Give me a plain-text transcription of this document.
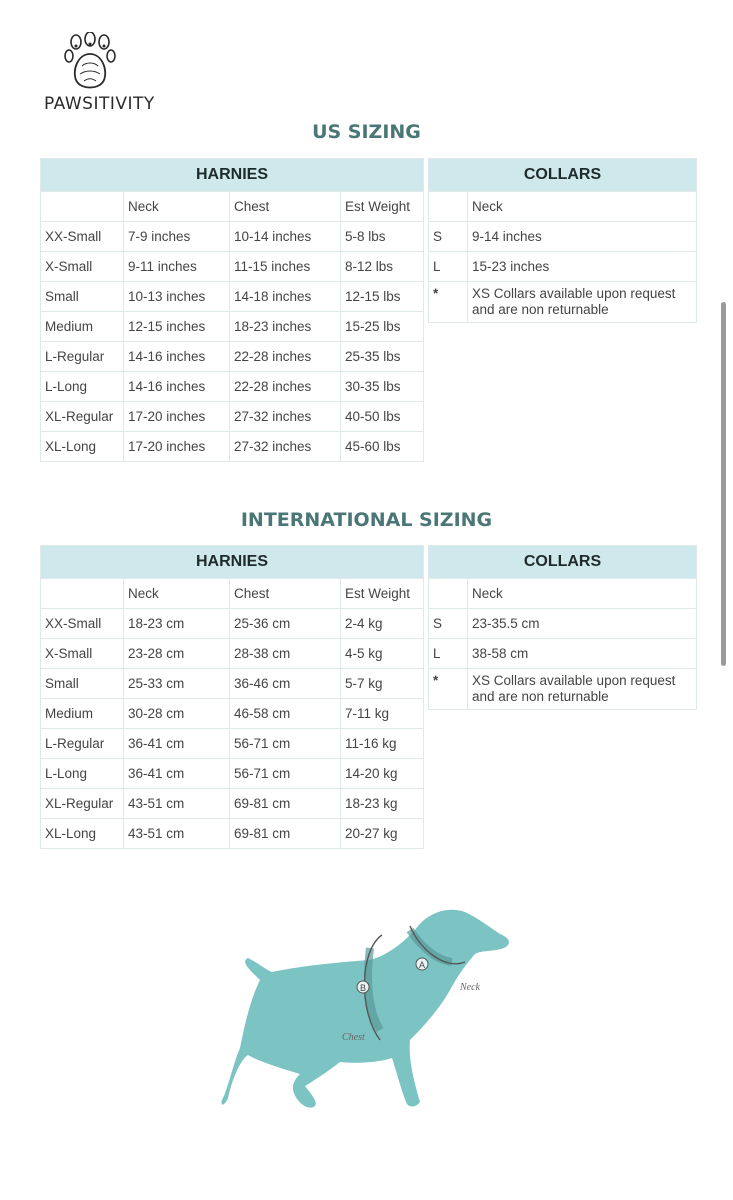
PAWSITIVITY
US SIZING
HARNIES			
	Neck	Chest	Est Weight
XX-Small	7-9 inches	10-14 inches	5-8 lbs
X-Small	9-11 inches	11-15 inches	8-12 lbs
Small	10-13 inches	14-18 inches	12-15 lbs
Medium	12-15 inches	18-23 inches	15-25 lbs
L-Regular	14-16 inches	22-28 inches	25-35 lbs
L-Long	14-16 inches	22-28 inches	30-35 lbs
XL-Regular	17-20 inches	27-32 inches	40-50 lbs
XL-Long	17-20 inches	27-32 inches	45-60 lbs
COLLARS	
	Neck
S	9-14 inches
L	15-23 inches
*	XS Collars available upon request and are non returnable
INTERNATIONAL SIZING
HARNIES			
	Neck	Chest	Est Weight
XX-Small	18-23 cm	25-36 cm	2-4 kg
X-Small	23-28 cm	28-38 cm	4-5 kg
Small	25-33 cm	36-46 cm	5-7 kg
Medium	30-28 cm	46-58 cm	7-11 kg
L-Regular	36-41 cm	56-71 cm	11-16 kg
L-Long	36-41 cm	56-71 cm	14-20 kg
XL-Regular	43-51 cm	69-81 cm	18-23 kg
XL-Long	43-51 cm	69-81 cm	20-27 kg
COLLARS	
	Neck
S	23-35.5 cm
L	38-58 cm
*	XS Collars available upon request and are non returnable
A
B	Neck
Chest
